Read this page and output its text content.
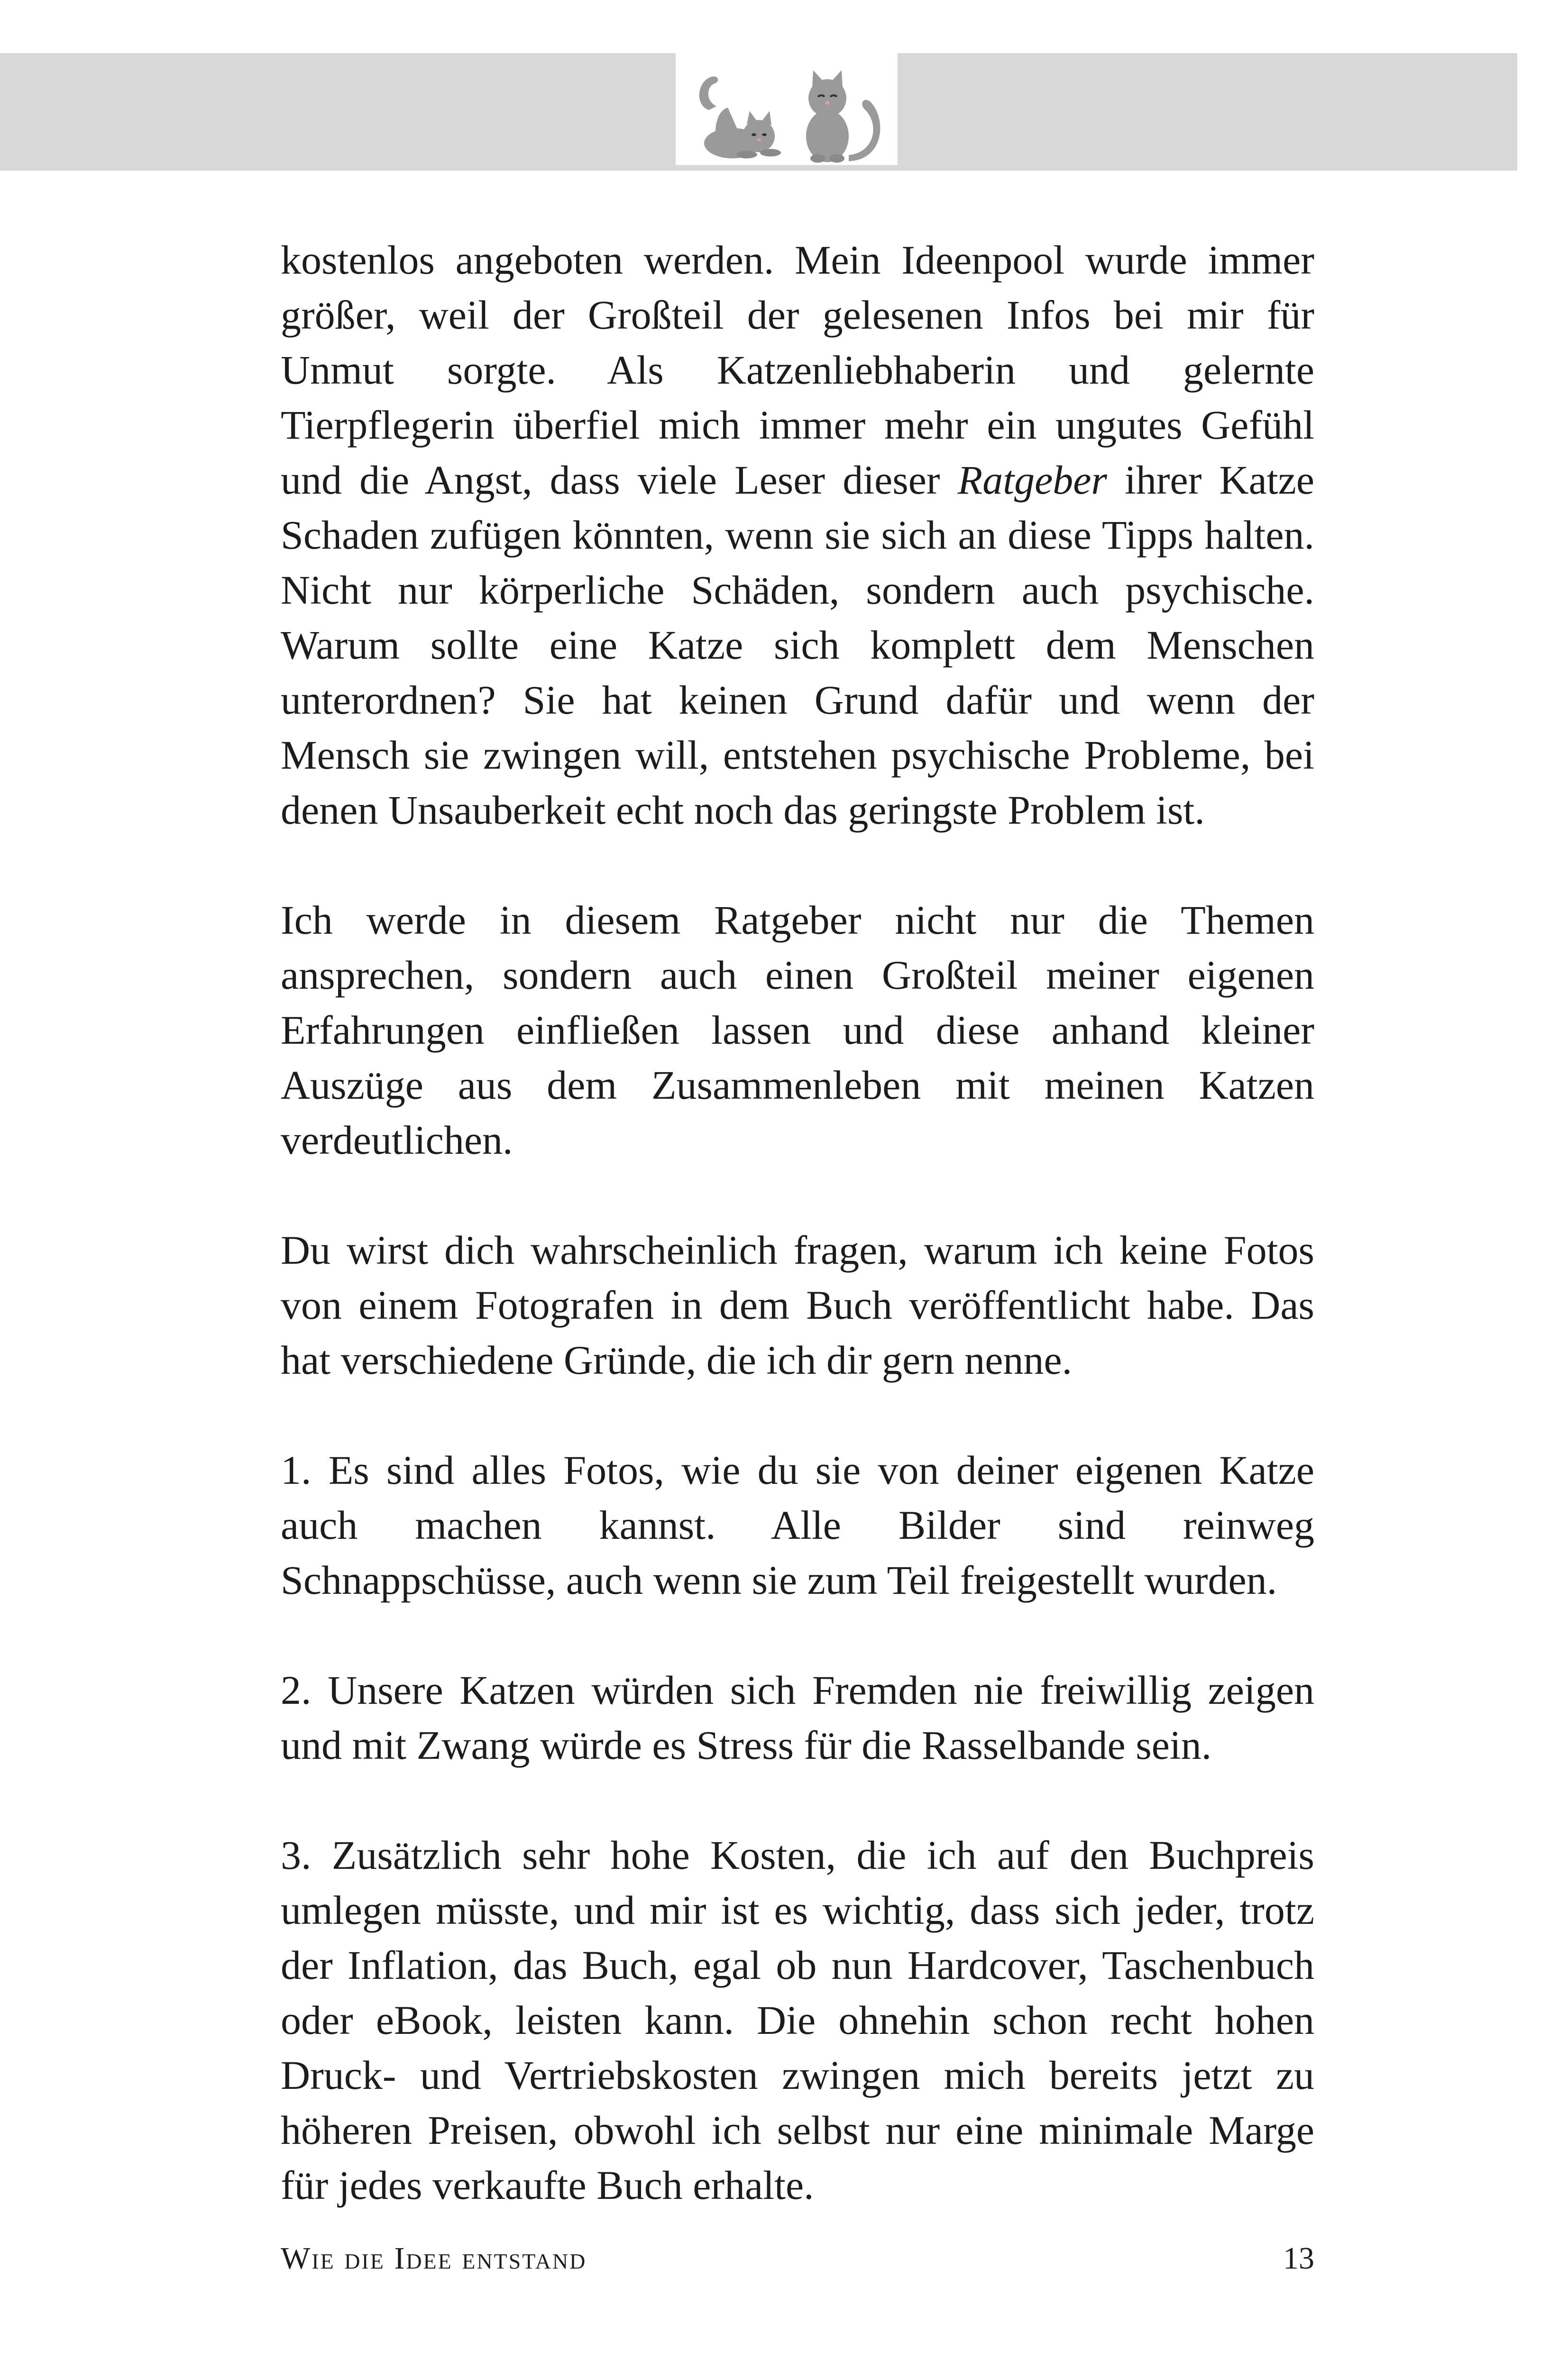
kostenlos angeboten werden. Mein Ideenpool wurde immer größer, weil der Großteil der gelesenen Infos bei mir für Unmut sorgte. Als Katzenliebhaberin und gelernte Tierpflegerin überfiel mich immer mehr ein ungutes Gefühl und die Angst, dass viele Leser dieser Ratgeber ihrer Katze Schaden zufügen könnten, wenn sie sich an diese Tipps halten. Nicht nur körperliche Schäden, sondern auch psychische. Warum sollte eine Katze sich komplett dem Menschen unterordnen? Sie hat keinen Grund dafür und wenn der Mensch sie zwingen will, entstehen psychische Probleme, bei denen Unsauberkeit echt noch das geringste Problem ist.

Ich werde in diesem Ratgeber nicht nur die Themen ansprechen, sondern auch einen Großteil meiner eigenen Erfahrungen einfließen lassen und diese anhand kleiner Auszüge aus dem Zusammenleben mit meinen Katzen verdeutlichen.

Du wirst dich wahrscheinlich fragen, warum ich keine Fotos von einem Fotografen in dem Buch veröffentlicht habe. Das hat verschiedene Gründe, die ich dir gern nenne.

1. Es sind alles Fotos, wie du sie von deiner eigenen Katze auch machen kannst. Alle Bilder sind reinweg Schnappschüsse, auch wenn sie zum Teil freigestellt wurden.

2. Unsere Katzen würden sich Fremden nie freiwillig zeigen und mit Zwang würde es Stress für die Rasselbande sein.

3. Zusätzlich sehr hohe Kosten, die ich auf den Buchpreis umlegen müsste, und mir ist es wichtig, dass sich jeder, trotz der Inflation, das Buch, egal ob nun Hardcover, Taschenbuch oder eBook, leisten kann. Die ohnehin schon recht hohen Druck- und Vertriebskosten zwingen mich bereits jetzt zu höheren Preisen, obwohl ich selbst nur eine minimale Marge für jedes verkaufte Buch erhalte.

Wie die Idee entstand	13
